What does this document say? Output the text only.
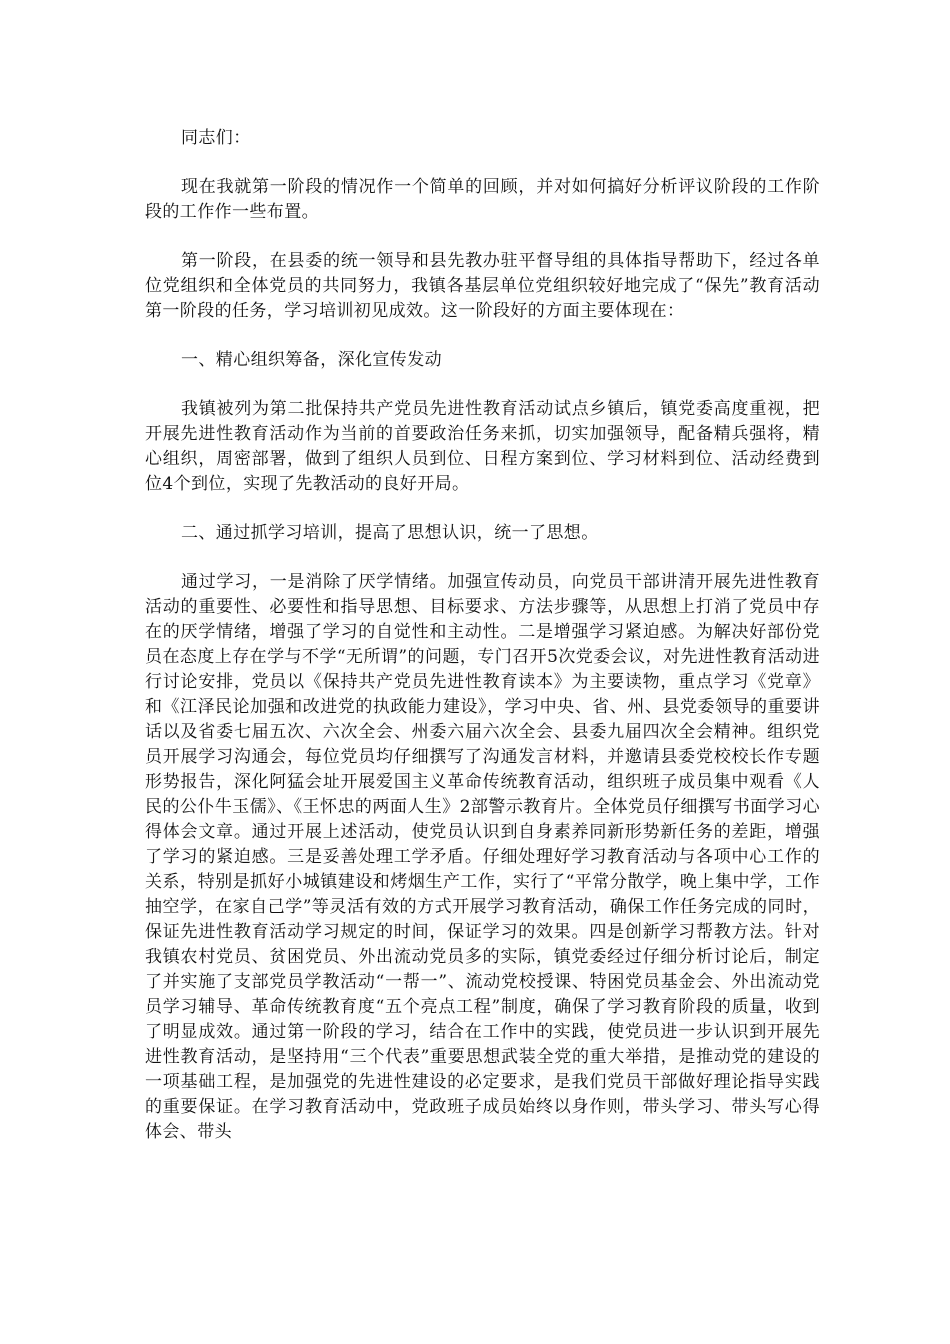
同志们：

现在我就第一阶段的情况作一个简单的回顾，并对如何搞好分析评议阶段的工作阶段的工作作一些布置。

第一阶段，在县委的统一领导和县先教办驻平督导组的具体指导帮助下，经过各单位党组织和全体党员的共同努力，我镇各基层单位党组织较好地完成了“保先”教育活动第一阶段的任务，学习培训初见成效。这一阶段好的方面主要体现在：

一、精心组织筹备，深化宣传发动

我镇被列为第二批保持共产党员先进性教育活动试点乡镇后，镇党委高度重视，把开展先进性教育活动作为当前的首要政治任务来抓，切实加强领导，配备精兵强将，精心组织，周密部署，做到了组织人员到位、日程方案到位、学习材料到位、活动经费到位4个到位，实现了先教活动的良好开局。

二、通过抓学习培训，提高了思想认识，统一了思想。

通过学习，一是消除了厌学情绪。加强宣传动员，向党员干部讲清开展先进性教育活动的重要性、必要性和指导思想、目标要求、方法步骤等，从思想上打消了党员中存在的厌学情绪，增强了学习的自觉性和主动性。二是增强学习紧迫感。为解决好部份党员在态度上存在学与不学“无所谓”的问题，专门召开5次党委会议，对先进性教育活动进行讨论安排，党员以《保持共产党员先进性教育读本》为主要读物，重点学习《党章》和《江泽民论加强和改进党的执政能力建设》，学习中央、省、州、县党委领导的重要讲话以及省委七届五次、六次全会、州委六届六次全会、县委九届四次全会精神。组织党员开展学习沟通会，每位党员均仔细撰写了沟通发言材料，并邀请县委党校校长作专题形势报告，深化阿猛会址开展爱国主义革命传统教育活动，组织班子成员集中观看《人民的公仆牛玉儒》、《王怀忠的两面人生》2部警示教育片。全体党员仔细撰写书面学习心得体会文章。通过开展上述活动，使党员认识到自身素养同新形势新任务的差距，增强了学习的紧迫感。三是妥善处理工学矛盾。仔细处理好学习教育活动与各项中心工作的关系，特别是抓好小城镇建设和烤烟生产工作，实行了“平常分散学，晚上集中学，工作抽空学，在家自己学”等灵活有效的方式开展学习教育活动，确保工作任务完成的同时，保证先进性教育活动学习规定的时间，保证学习的效果。四是创新学习帮教方法。针对我镇农村党员、贫困党员、外出流动党员多的实际，镇党委经过仔细分析讨论后，制定了并实施了支部党员学教活动“一帮一”、流动党校授课、特困党员基金会、外出流动党员学习辅导、革命传统教育度“五个亮点工程”制度，确保了学习教育阶段的质量，收到了明显成效。通过第一阶段的学习，结合在工作中的实践，使党员进一步认识到开展先进性教育活动，是坚持用“三个代表”重要思想武装全党的重大举措，是推动党的建设的一项基础工程，是加强党的先进性建设的必定要求，是我们党员干部做好理论指导实践的重要保证。在学习教育活动中，党政班子成员始终以身作则，带头学习、带头写心得体会、带头
